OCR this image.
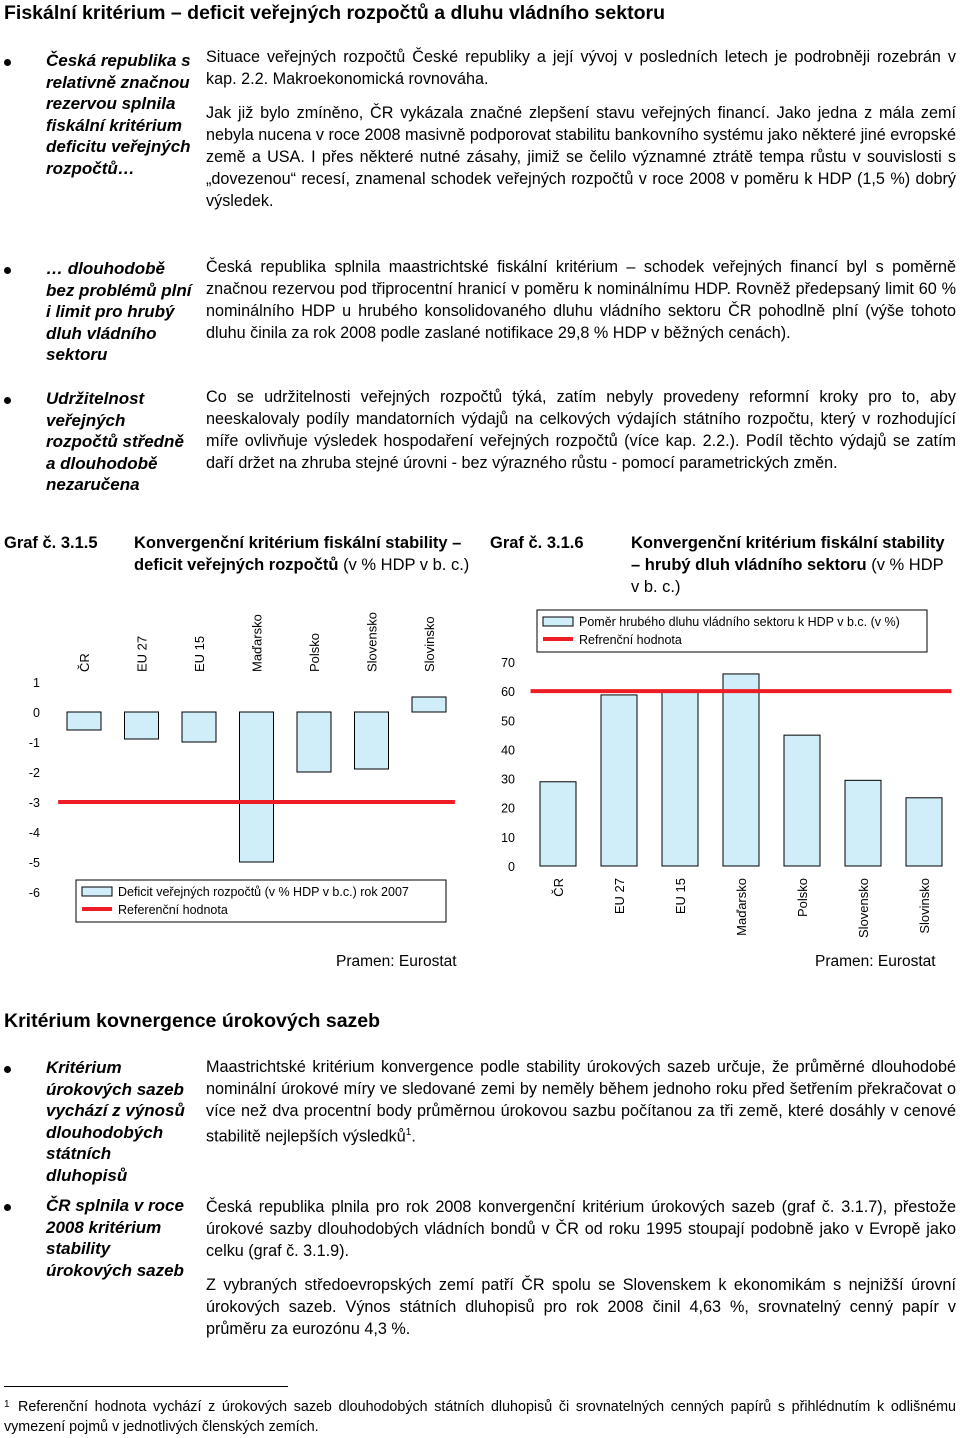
Fiskální kritérium – deficit veřejných rozpočtů a dluhu vládního sektoru
Česká republika s relativně značnou rezervou splnila fiskální kritérium deficitu veřejných rozpočtů…
… dlouhodobě bez problémů plní i limit pro hrubý dluh vládního sektoru
Udržitelnost veřejných rozpočtů středně a dlouhodobě nezaručena
Situace veřejných rozpočtů České republiky a její vývoj v posledních letech je podrobněji rozebrán v kap. 2.2. Makroekonomická rovnováha.
Jak již bylo zmíněno, ČR vykázala značné zlepšení stavu veřejných financí. Jako jedna z mála zemí nebyla nucena v roce 2008 masivně podporovat stabilitu bankovního systému jako některé jiné evropské země a USA. I přes některé nutné zásahy, jimiž se čelilo významné ztrátě tempa růstu v souvislosti s „dovezenou“ recesí, znamenal schodek veřejných rozpočtů v roce 2008 v poměru k HDP (1,5 %) dobrý výsledek.
Česká republika splnila maastrichtské fiskální kritérium – schodek veřejných financí byl s poměrně značnou rezervou pod třiprocentní hranicí v poměru k nominálnímu HDP. Rovněž předepsaný limit 60 % nominálního HDP u hrubého konsolidovaného dluhu vládního sektoru ČR pohodlně plní (výše tohoto dluhu činila za rok 2008 podle zaslané notifikace 29,8 % HDP v běžných cenách).
Co se udržitelnosti veřejných rozpočtů týká, zatím nebyly provedeny reformní kroky pro to, aby neeskalovaly podíly mandatorních výdajů na celkových výdajích státního rozpočtu, který v rozhodující míře ovlivňuje výsledek hospodaření veřejných rozpočtů (více kap. 2.2.). Podíl těchto výdajů se zatím daří držet na zhruba stejné úrovni - bez výrazného růstu - pomocí parametrických změn.
Graf č. 3.1.5 Konvergenční kritérium fiskální stability – deficit veřejných rozpočtů (v % HDP v b. c.)
Graf č. 3.1.6	Konvergenční kritérium fiskální stability – hrubý dluh vládního sektoru (v % HDP v b. c.)
1
0
-1
-2
-3
-4
-5
-6
ČR	EU 27	EU 15	Maďarsko	Polsko	Slovensko	Slovinsko
Deficit veřejných rozpočtů (v % HDP v b.c.) rok 2007
Referenční hodnota
70
60
50
40
30
20
10
0
ČR	EU 27	EU 15	Maďarsko	Polsko	Slovensko	Slovinsko
Poměr hrubého dluhu vládního sektoru k HDP v b.c. (v %)
Refrenční hodnota
Pramen: Eurostat	Pramen: Eurostat
Kritérium kovnergence úrokových sazeb
Kritérium úrokových sazeb vychází z výnosů dlouhodobých státních dluhopisů
ČR splnila v roce 2008 kritérium stability úrokových sazeb
Maastrichtské kritérium konvergence podle stability úrokových sazeb určuje, že průměrné dlouhodobé nominální úrokové míry ve sledované zemi by neměly během jednoho roku před šetřením překračovat o více než dva procentní body průměrnou úrokovou sazbu počítanou za tři země, které dosáhly v cenové stabilitě nejlepších výsledků$^1$.
Česká republika plnila pro rok 2008 konvergenční kritérium úrokových sazeb (graf č. 3.1.7), přestože úrokové sazby dlouhodobých vládních bondů v ČR od roku 1995 stoupají podobně jako v Evropě jako celku (graf č. 3.1.9).
Z vybraných středoevropských zemí patří ČR spolu se Slovenskem k ekonomikám s nejnižší úrovní úrokových sazeb. Výnos státních dluhopisů pro rok 2008 činil 4,63 %, srovnatelný cenný papír v průměru za eurozónu 4,3 %.
1 Referenční hodnota vychází z úrokových sazeb dlouhodobých státních dluhopisů či srovnatelných cenných papírů s přihlédnutím k odlišnému vymezení pojmů v jednotlivých členských zemích.
